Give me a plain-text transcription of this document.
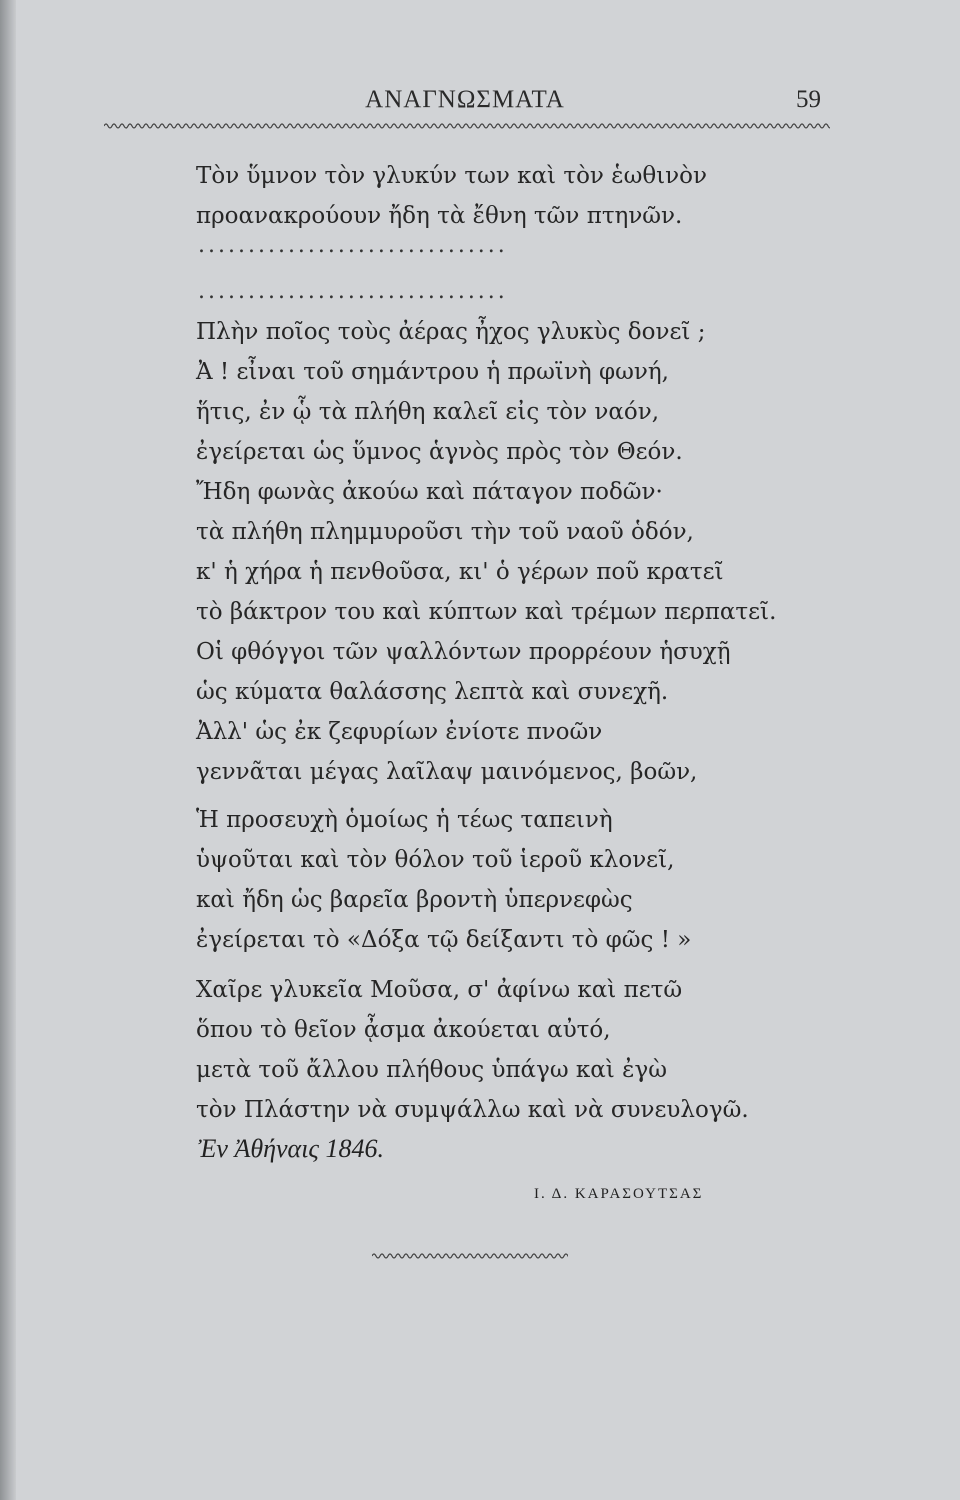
ΑΝΑΓΝΩΣΜΑΤΑ	59
Τὸν ὕμνον τὸν γλυκύν των καὶ τὸν ἑωθινὸν
προανακρούουν ἤδη τὰ ἔθνη τῶν πτηνῶν.
...............................
...............................
Πλὴν ποῖος τοὺς ἀέρας ἦχος γλυκὺς δονεῖ ;
Ἀ ! εἶναι τοῦ σημάντρου ἡ πρωϊνὴ φωνή,
ἥτις, ἐν ᾧ τὰ πλήθη καλεῖ εἰς τὸν ναόν,
ἐγείρεται ὡς ὕμνος ἁγνὸς πρὸς τὸν Θεόν.
Ἤδη φωνὰς ἀκούω καὶ πάταγον ποδῶν·
τὰ πλήθη πλημμυροῦσι τὴν τοῦ ναοῦ ὁδόν,
κ' ἡ χήρα ἡ πενθοῦσα, κι' ὁ γέρων ποῦ κρατεῖ
τὸ βάκτρον του καὶ κύπτων καὶ τρέμων περπατεῖ.
Οἱ φθόγγοι τῶν ψαλλόντων προρρέουν ἡσυχῇ
ὡς κύματα θαλάσσης λεπτὰ καὶ συνεχῆ.
Ἀλλ' ὡς ἐκ ζεφυρίων ἐνίοτε πνοῶν
γεννᾶται μέγας λαῖλαψ μαινόμενος, βοῶν,
Ἡ προσευχὴ ὁμοίως ἡ τέως ταπεινὴ
ὑψοῦται καὶ τὸν θόλον τοῦ ἱεροῦ κλονεῖ,
καὶ ἤδη ὡς βαρεῖα βροντὴ ὑπερνεφὼς
ἐγείρεται τὸ «Δόξα τῷ δείξαντι τὸ φῶς ! »
Χαῖρε γλυκεῖα Μοῦσα, σ' ἀφίνω καὶ πετῶ
ὅπου τὸ θεῖον ᾆσμα ἀκούεται αὐτό,
μετὰ τοῦ ἄλλου πλήθους ὑπάγω καὶ ἐγὼ
τὸν Πλάστην νὰ συμψάλλω καὶ νὰ συνευλογῶ.
Ἐν Ἀθήναις 1846.
Ι. Δ. ΚΑΡΑΣΟΥΤΣΑΣ
